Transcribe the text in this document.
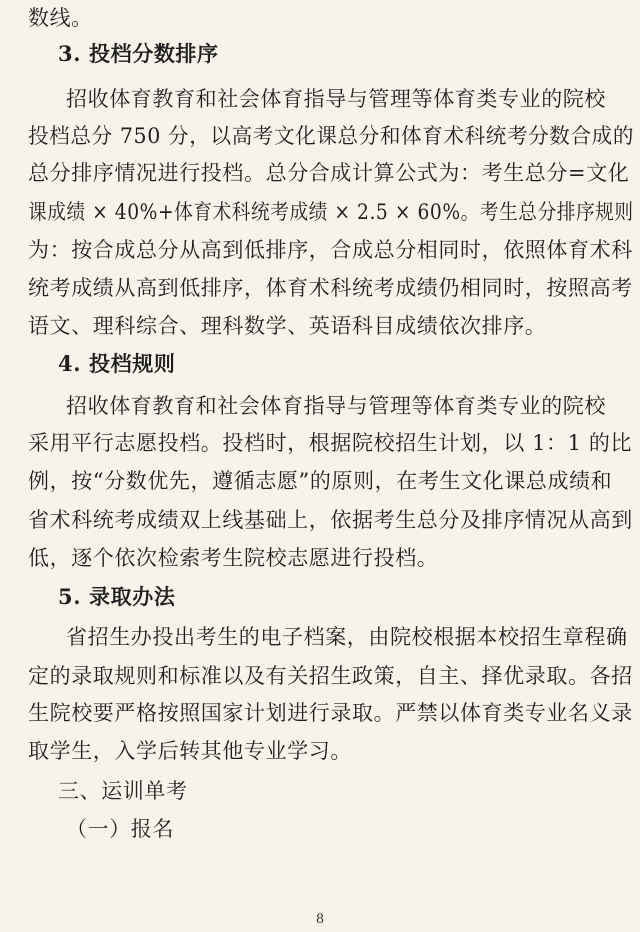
数线。
3. 投档分数排序
招收体育教育和社会体育指导与管理等体育类专业的院校
投档总分 750 分，以高考文化课总分和体育术科统考分数合成的
总分排序情况进行投档。总分合成计算公式为：考生总分=文化
课成绩 × 40%+体育术科统考成绩 × 2.5 × 60%。考生总分排序规则
为：按合成总分从高到低排序，合成总分相同时，依照体育术科
统考成绩从高到低排序，体育术科统考成绩仍相同时，按照高考
语文、理科综合、理科数学、英语科目成绩依次排序。
4. 投档规则
招收体育教育和社会体育指导与管理等体育类专业的院校
采用平行志愿投档。投档时，根据院校招生计划，以 1：1 的比
例，按“分数优先，遵循志愿”的原则，在考生文化课总成绩和
省术科统考成绩双上线基础上，依据考生总分及排序情况从高到
低，逐个依次检索考生院校志愿进行投档。
5. 录取办法
省招生办投出考生的电子档案，由院校根据本校招生章程确
定的录取规则和标准以及有关招生政策，自主、择优录取。各招
生院校要严格按照国家计划进行录取。严禁以体育类专业名义录
取学生，入学后转其他专业学习。
三、运训单考
（一）报名
8
